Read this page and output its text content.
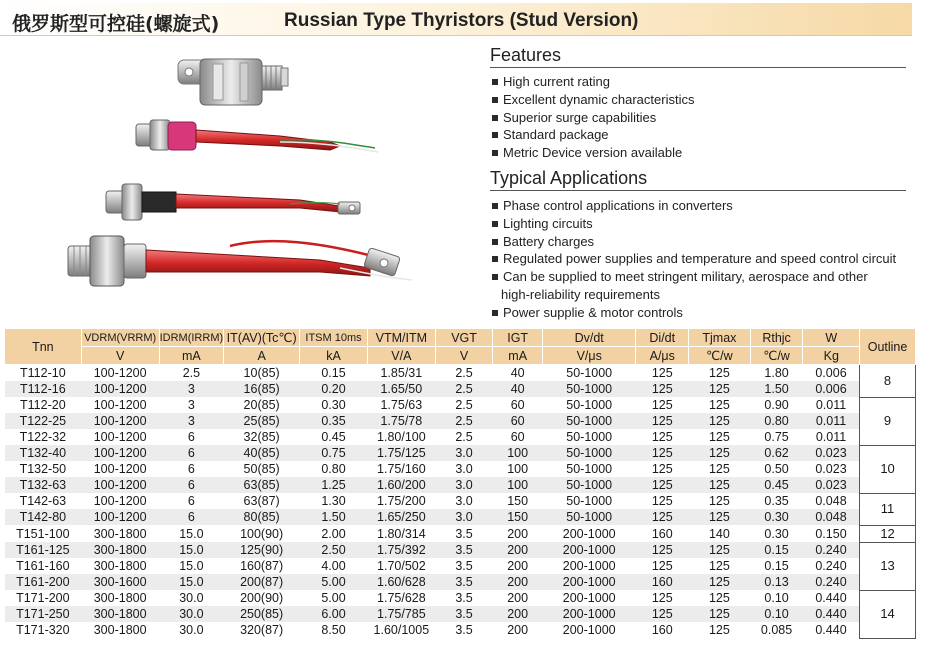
俄罗斯型可控硅(螺旋式)	Russian Type Thyristors (Stud Version)
Features
High current rating
Excellent dynamic characteristics
Superior surge capabilities
Standard package
Metric Device version available
Typical Applications
Phase control applications in converters
Lighting circuits
Battery charges
Regulated power supplies and temperature and speed control circuit
Can be supplied to meet stringent military, aerospace and other
high-reliability requirements
Power supplie & motor controls
Tnn	VDRM(VRRM)	IDRM(IRRM)	IT(AV)(Tc℃)	ITSM 10ms	VTM/ITM	VGT	IGT	Dv/dt	Di/dt	Tjmax	Rthjc	W	Outline
	V	mA	A	kA	V/A	V	mA	V/μs	A/μs	℃/w	℃/w	Kg	
T112-10	100-1200	2.5	10(85)	0.15	1.85/31	2.5	40	50-1000	125	125	1.80	0.006	8
T112-16	100-1200	3	16(85)	0.20	1.65/50	2.5	40	50-1000	125	125	1.50	0.006	
T112-20	100-1200	3	20(85)	0.30	1.75/63	2.5	60	50-1000	125	125	0.90	0.011	9
T122-25	100-1200	3	25(85)	0.35	1.75/78	2.5	60	50-1000	125	125	0.80	0.011	
T122-32	100-1200	6	32(85)	0.45	1.80/100	2.5	60	50-1000	125	125	0.75	0.011	
T132-40	100-1200	6	40(85)	0.75	1.75/125	3.0	100	50-1000	125	125	0.62	0.023	10
T132-50	100-1200	6	50(85)	0.80	1.75/160	3.0	100	50-1000	125	125	0.50	0.023	
T132-63	100-1200	6	63(85)	1.25	1.60/200	3.0	100	50-1000	125	125	0.45	0.023	
T142-63	100-1200	6	63(87)	1.30	1.75/200	3.0	150	50-1000	125	125	0.35	0.048	11
T142-80	100-1200	6	80(85)	1.50	1.65/250	3.0	150	50-1000	125	125	0.30	0.048	
T151-100	300-1800	15.0	100(90)	2.00	1.80/314	3.5	200	200-1000	160	140	0.30	0.150	12
T161-125	300-1800	15.0	125(90)	2.50	1.75/392	3.5	200	200-1000	125	125	0.15	0.240	13
T161-160	300-1800	15.0	160(87)	4.00	1.70/502	3.5	200	200-1000	125	125	0.15	0.240	
T161-200	300-1600	15.0	200(87)	5.00	1.60/628	3.5	200	200-1000	160	125	0.13	0.240	
T171-200	300-1800	30.0	200(90)	5.00	1.75/628	3.5	200	200-1000	125	125	0.10	0.440	14
T171-250	300-1800	30.0	250(85)	6.00	1.75/785	3.5	200	200-1000	125	125	0.10	0.440	
T171-320	300-1800	30.0	320(87)	8.50	1.60/1005	3.5	200	200-1000	160	125	0.085	0.440	
